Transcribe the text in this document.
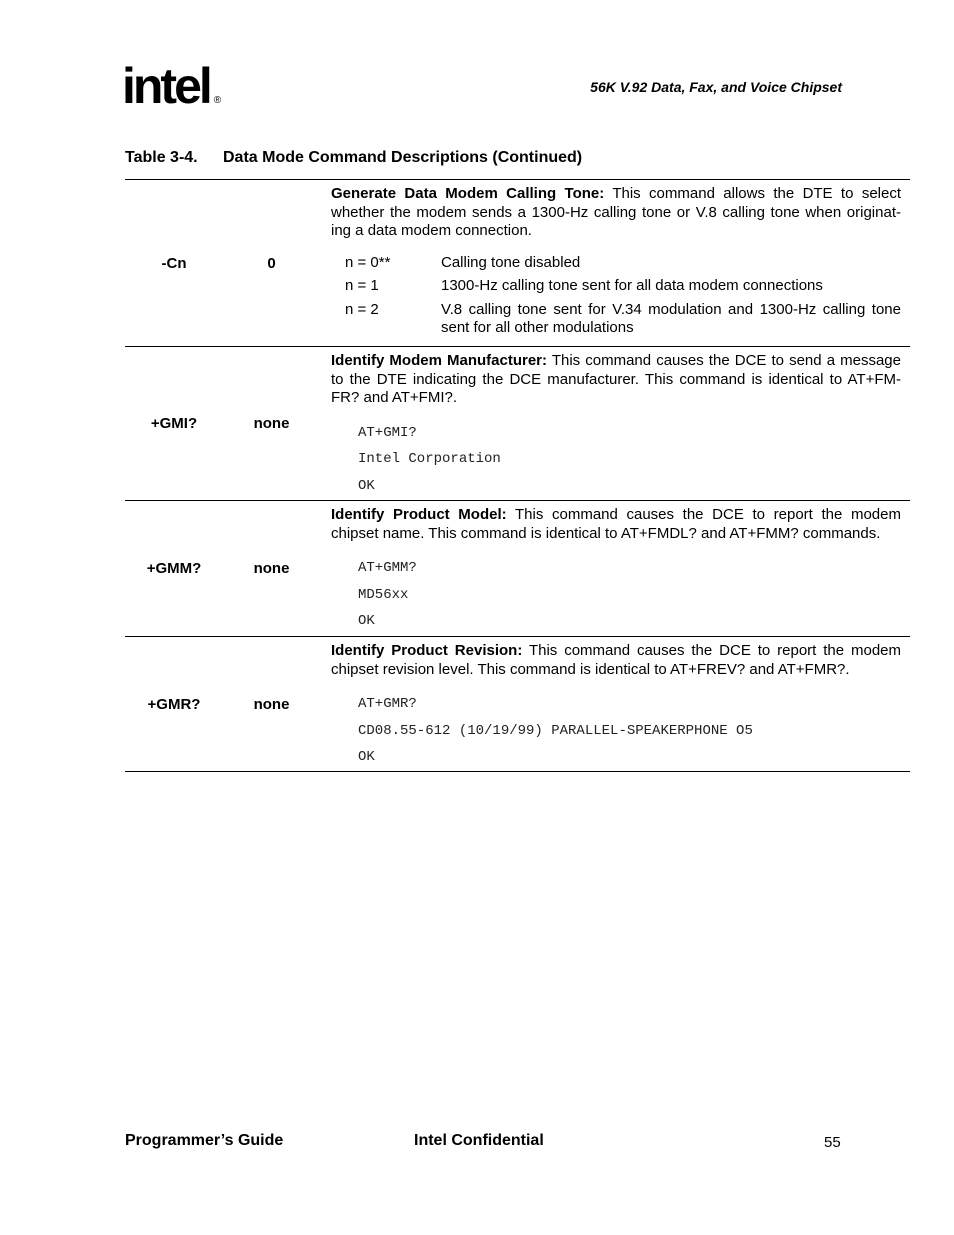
intel ®
56K V.92 Data, Fax, and Voice Chipset
Table 3-4. Data Mode Command Descriptions (Continued)
-Cn	0
Generate Data Modem Calling Tone: This command allows the DTE to select whether the modem sends a 1300-Hz calling tone or V.8 calling tone when originat-ing a data modem connection.
n = 0**	Calling tone disabled
n = 1	1300-Hz calling tone sent for all data modem connections
n = 2	V.8 calling tone sent for V.34 modulation and 1300-Hz calling tone sent for all other modulations
+GMI?	none
Identify Modem Manufacturer: This command causes the DCE to send a message to the DTE indicating the DCE manufacturer. This command is identical to AT+FM-FR? and AT+FMI?.
AT+GMI?
Intel Corporation
OK
+GMM?	none
Identify Product Model: This command causes the DCE to report the modem chipset name. This command is identical to AT+FMDL? and AT+FMM? commands.
AT+GMM?
MD56xx
OK
+GMR?	none
Identify Product Revision: This command causes the DCE to report the modem chipset revision level. This command is identical to AT+FREV? and AT+FMR?.
AT+GMR?
CD08.55-612 (10/19/99) PARALLEL-SPEAKERPHONE O5
OK
Programmer’s Guide	Intel Confidential	55
